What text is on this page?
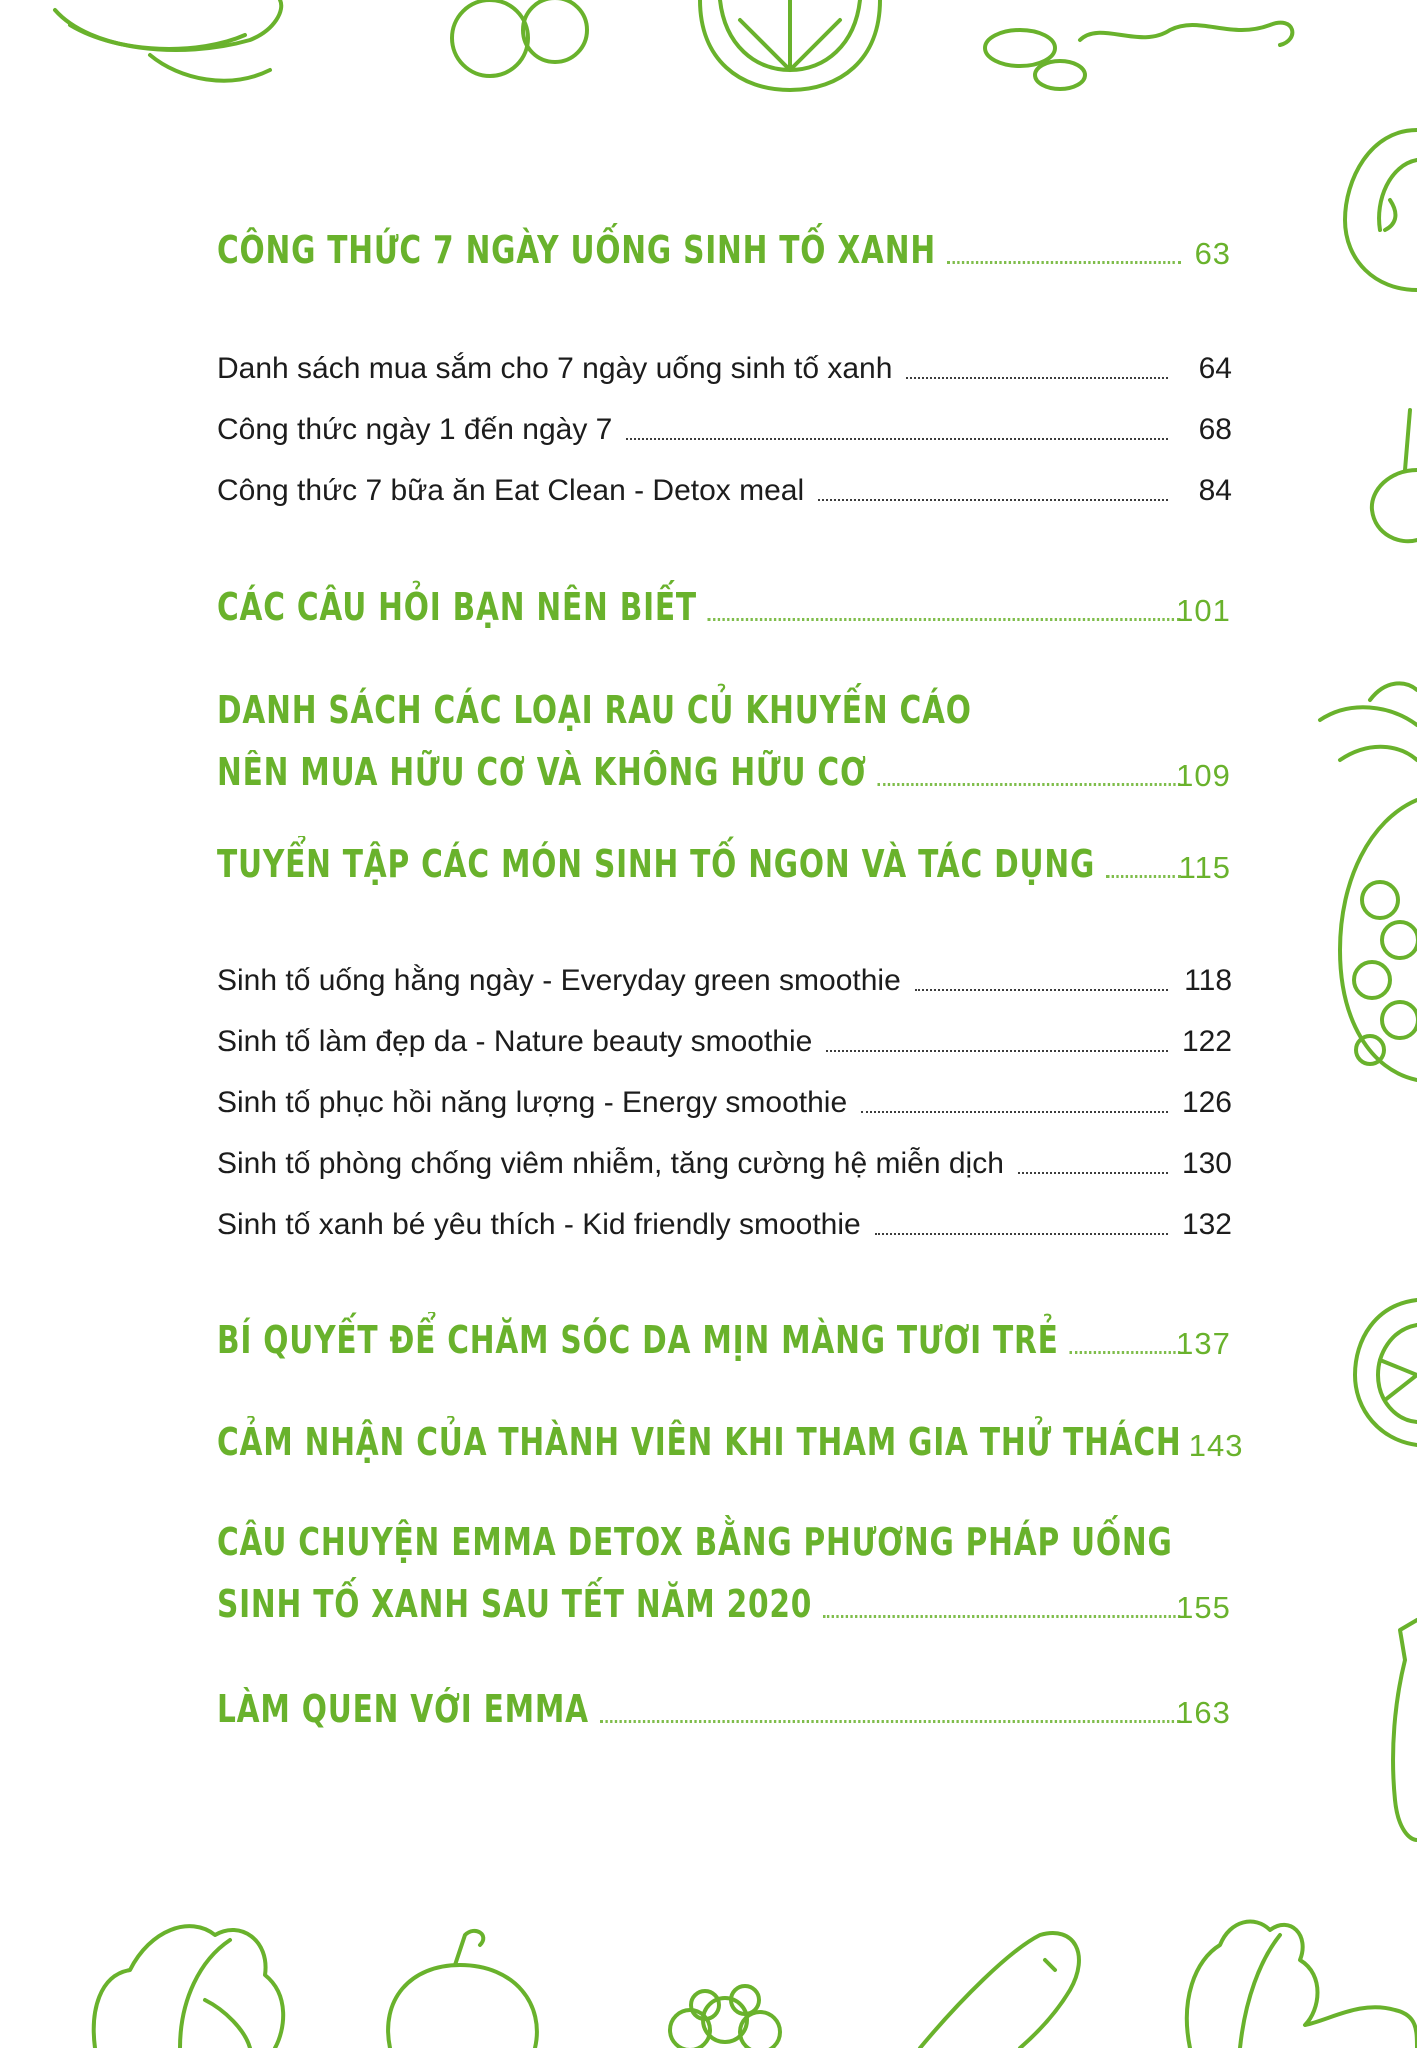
CÔNG THỨC 7 NGÀY UỐNG SINH TỐ XANH	63
Danh sách mua sắm cho 7 ngày uống sinh tố xanh	64
Công thức ngày 1 đến ngày 7	68
Công thức 7 bữa ăn Eat Clean - Detox meal	84
CÁC CÂU HỎI BẠN NÊN BIẾT	101
DANH SÁCH CÁC LOẠI RAU CỦ KHUYẾN CÁO
NÊN MUA HỮU CƠ VÀ KHÔNG HỮU CƠ	109
TUYỂN TẬP CÁC MÓN SINH TỐ NGON VÀ TÁC DỤNG	115
Sinh tố uống hằng ngày - Everyday green smoothie	118
Sinh tố làm đẹp da - Nature beauty smoothie	122
Sinh tố phục hồi năng lượng - Energy smoothie	126
Sinh tố phòng chống viêm nhiễm, tăng cường hệ miễn dịch	130
Sinh tố xanh bé yêu thích - Kid friendly smoothie	132
BÍ QUYẾT ĐỂ CHĂM SÓC DA MỊN MÀNG TƯƠI TRẺ	137
CẢM NHẬN CỦA THÀNH VIÊN KHI THAM GIA THỬ THÁCH 143
CÂU CHUYỆN EMMA DETOX BẰNG PHƯƠNG PHÁP UỐNG
SINH TỐ XANH SAU TẾT NĂM 2020	155
LÀM QUEN VỚI EMMA	163
